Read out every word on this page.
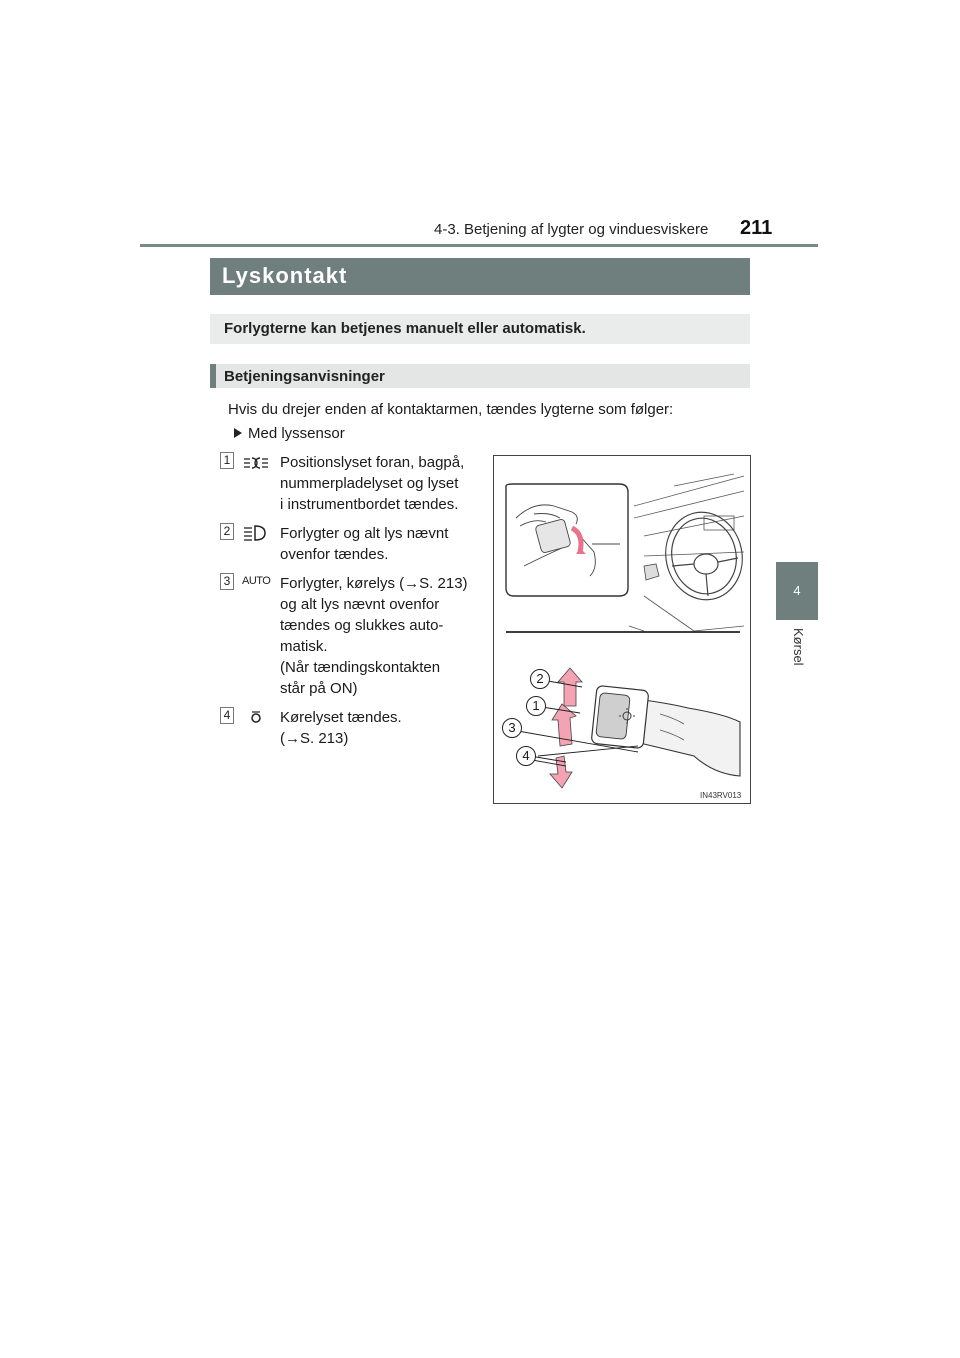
4-3. Betjening af lygter og vinduesviskere 211
4
Kørsel
Lyskontakt
Forlygterne kan betjenes manuelt eller automatisk.
Betjeningsanvisninger
Hvis du drejer enden af kontaktarmen, tændes lygterne som følger:
Med lyssensor
1	Positionslyset foran, bagpå,
nummerpladelyset og lyset
i instrumentbordet tændes.
2	Forlygter og alt lys nævnt
ovenfor tændes.
3	AUTO Forlygter, kørelys (→S. 213)
og alt lys nævnt ovenfor
tændes og slukkes auto-
matisk.
(Når tændingskontakten
står på ON)
4	Kørelyset tændes.
(→S. 213)
2
1
3
4
IN43RV013
